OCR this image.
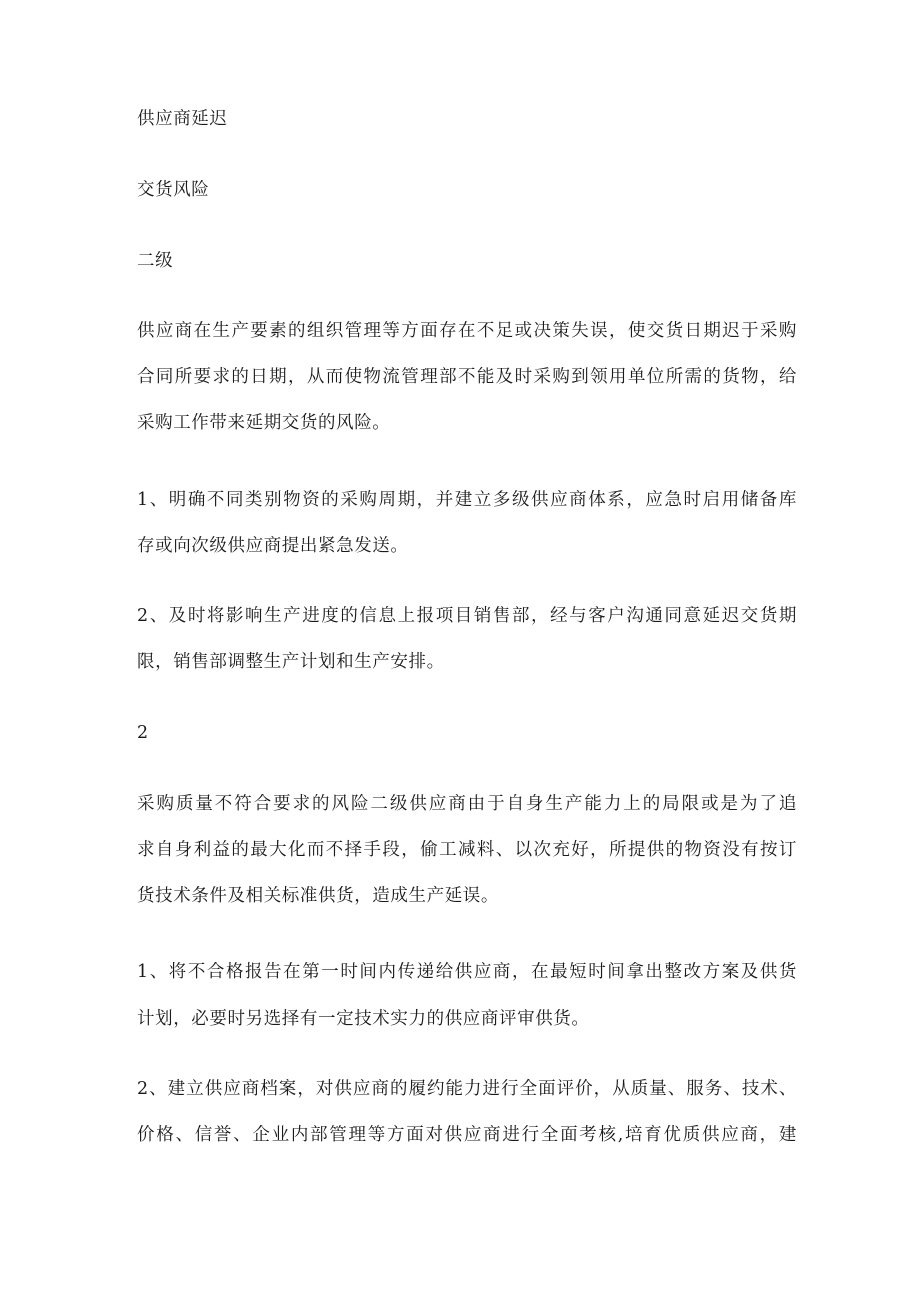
供应商延迟
交货风险
二级
供应商在生产要素的组织管理等方面存在不足或决策失误，使交货日期迟于采购
合同所要求的日期，从而使物流管理部不能及时采购到领用单位所需的货物，给
采购工作带来延期交货的风险。
1、明确不同类别物资的采购周期，并建立多级供应商体系，应急时启用储备库
存或向次级供应商提出紧急发送。
2、及时将影响生产进度的信息上报项目销售部，经与客户沟通同意延迟交货期
限，销售部调整生产计划和生产安排。
2
采购质量不符合要求的风险二级供应商由于自身生产能力上的局限或是为了追
求自身利益的最大化而不择手段，偷工减料、以次充好，所提供的物资没有按订
货技术条件及相关标准供货，造成生产延误。
1、将不合格报告在第一时间内传递给供应商，在最短时间拿出整改方案及供货
计划，必要时另选择有一定技术实力的供应商评审供货。
2、建立供应商档案，对供应商的履约能力进行全面评价，从质量、服务、技术、
价格、信誉、企业内部管理等方面对供应商进行全面考核,培育优质供应商，建
